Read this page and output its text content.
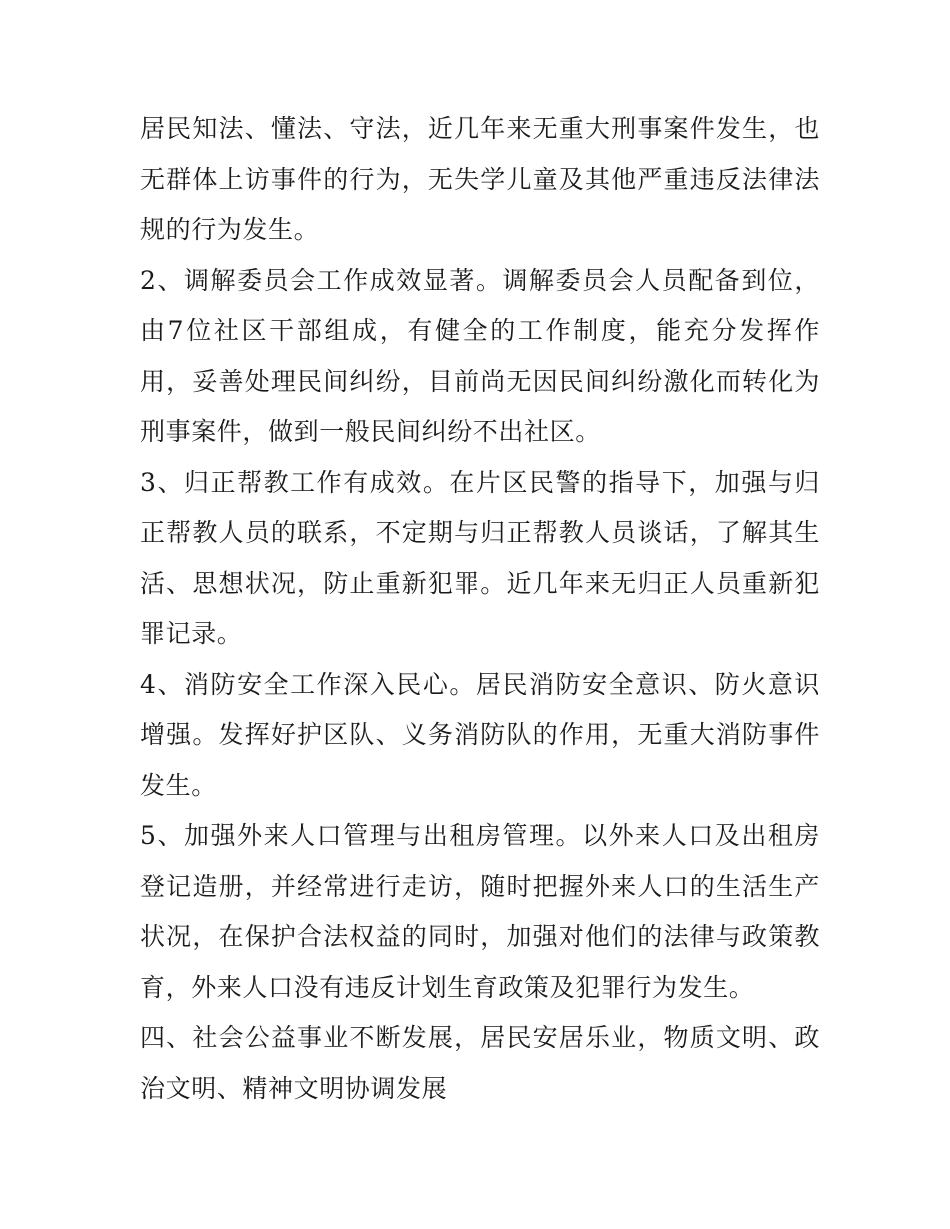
居民知法、懂法、守法，近几年来无重大刑事案件发生，也无群体上访事件的行为，无失学儿童及其他严重违反法律法规的行为发生。

2、调解委员会工作成效显著。调解委员会人员配备到位，由7位社区干部组成，有健全的工作制度，能充分发挥作用，妥善处理民间纠纷，目前尚无因民间纠纷激化而转化为刑事案件，做到一般民间纠纷不出社区。

3、归正帮教工作有成效。在片区民警的指导下，加强与归正帮教人员的联系，不定期与归正帮教人员谈话，了解其生活、思想状况，防止重新犯罪。近几年来无归正人员重新犯罪记录。

4、消防安全工作深入民心。居民消防安全意识、防火意识增强。发挥好护区队、义务消防队的作用，无重大消防事件发生。

5、加强外来人口管理与出租房管理。以外来人口及出租房登记造册，并经常进行走访，随时把握外来人口的生活生产状况，在保护合法权益的同时，加强对他们的法律与政策教育，外来人口没有违反计划生育政策及犯罪行为发生。

四、社会公益事业不断发展，居民安居乐业，物质文明、政治文明、精神文明协调发展
